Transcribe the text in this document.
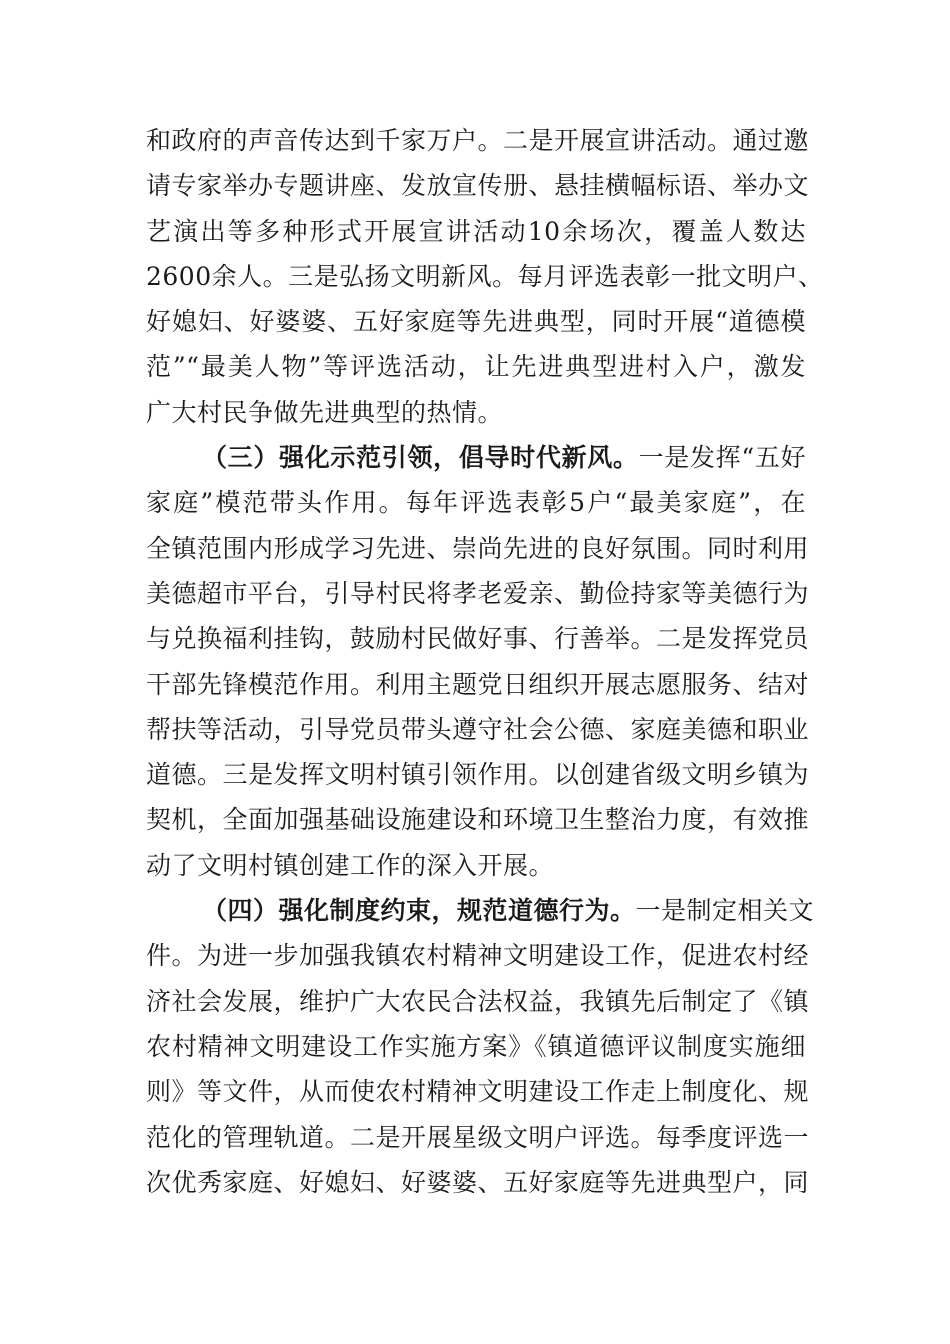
和政府的声音传达到千家万户。二是开展宣讲活动。通过邀
请专家举办专题讲座、发放宣传册、悬挂横幅标语、举办文
艺演出等多种形式开展宣讲活动10余场次，覆盖人数达
2600余人。三是弘扬文明新风。每月评选表彰一批文明户、
好媳妇、好婆婆、五好家庭等先进典型，同时开展“道德模
范”“最美人物”等评选活动，让先进典型进村入户，激发
广大村民争做先进典型的热情。
（三）强化示范引领，倡导时代新风。一是发挥“五好
家庭”模范带头作用。每年评选表彰5户“最美家庭”，在
全镇范围内形成学习先进、崇尚先进的良好氛围。同时利用
美德超市平台，引导村民将孝老爱亲、勤俭持家等美德行为
与兑换福利挂钩，鼓励村民做好事、行善举。二是发挥党员
干部先锋模范作用。利用主题党日组织开展志愿服务、结对
帮扶等活动，引导党员带头遵守社会公德、家庭美德和职业
道德。三是发挥文明村镇引领作用。以创建省级文明乡镇为
契机，全面加强基础设施建设和环境卫生整治力度，有效推
动了文明村镇创建工作的深入开展。
（四）强化制度约束，规范道德行为。一是制定相关文
件。为进一步加强我镇农村精神文明建设工作，促进农村经
济社会发展，维护广大农民合法权益，我镇先后制定了《镇
农村精神文明建设工作实施方案》《镇道德评议制度实施细
则》等文件，从而使农村精神文明建设工作走上制度化、规
范化的管理轨道。二是开展星级文明户评选。每季度评选一
次优秀家庭、好媳妇、好婆婆、五好家庭等先进典型户，同
